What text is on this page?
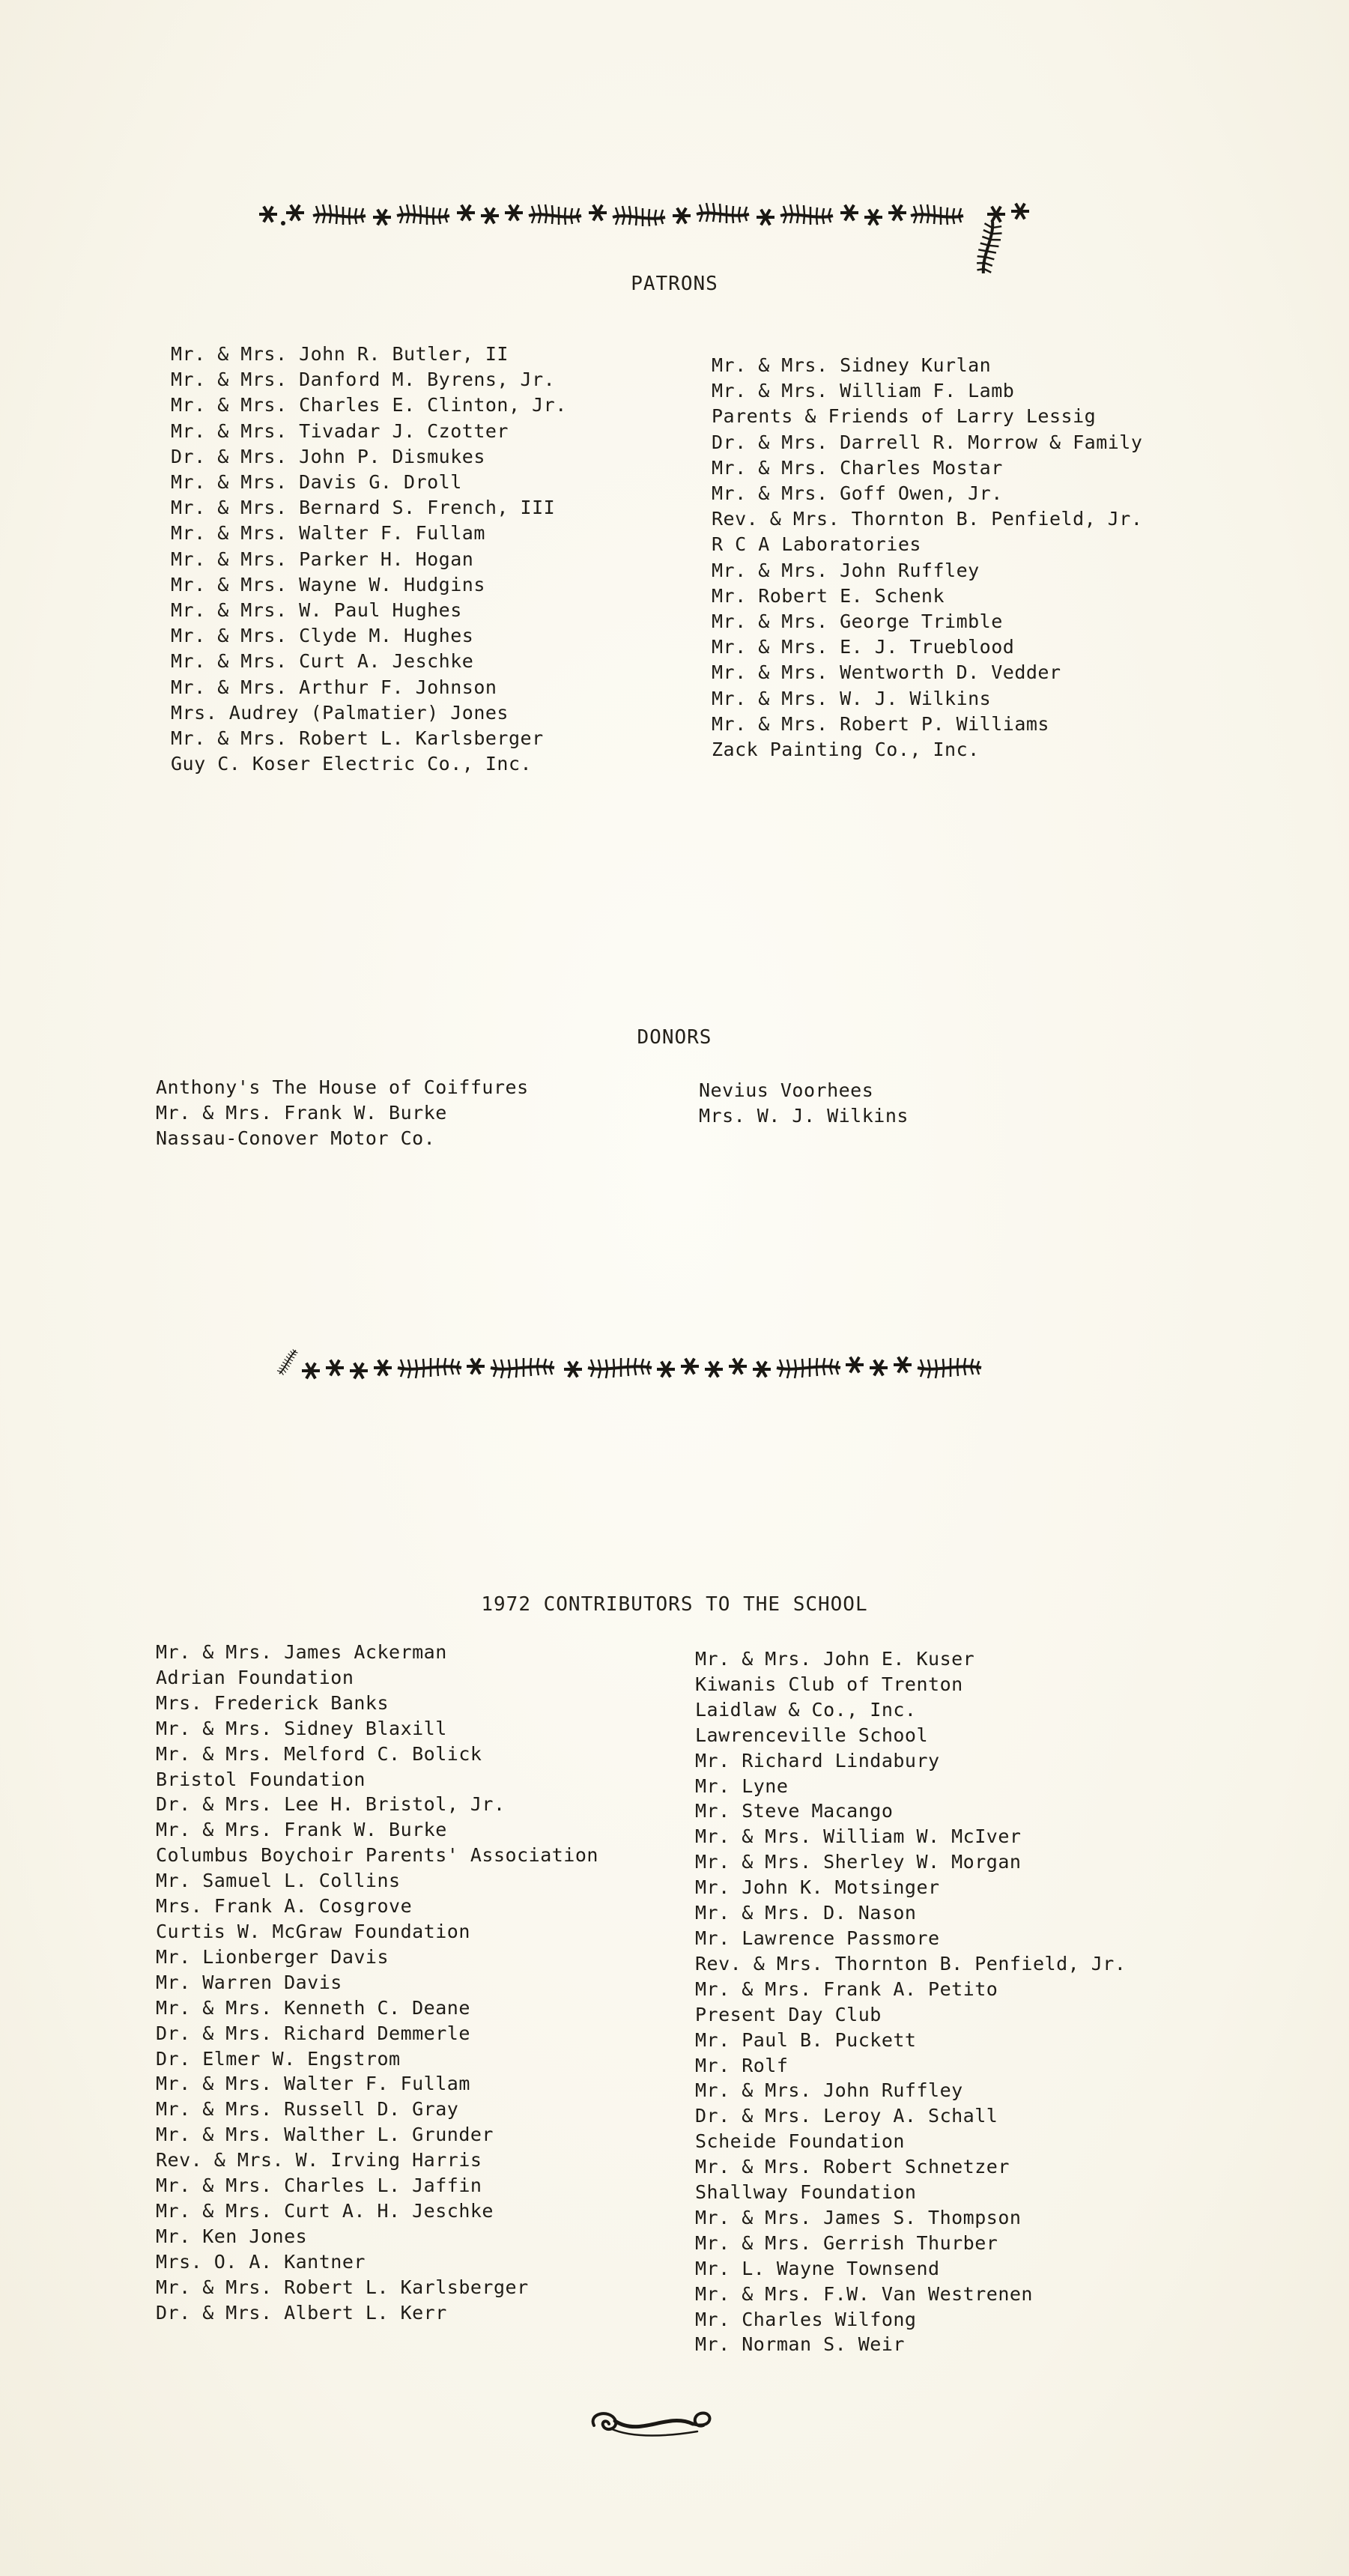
PATRONS
Mr. & Mrs. John R. Butler, II
Mr. & Mrs. Danford M. Byrens, Jr.
Mr. & Mrs. Charles E. Clinton, Jr.
Mr. & Mrs. Tivadar J. Czotter
Dr. & Mrs. John P. Dismukes
Mr. & Mrs. Davis G. Droll
Mr. & Mrs. Bernard S. French, III
Mr. & Mrs. Walter F. Fullam
Mr. & Mrs. Parker H. Hogan
Mr. & Mrs. Wayne W. Hudgins
Mr. & Mrs. W. Paul Hughes
Mr. & Mrs. Clyde M. Hughes
Mr. & Mrs. Curt A. Jeschke
Mr. & Mrs. Arthur F. Johnson
Mrs. Audrey (Palmatier) Jones
Mr. & Mrs. Robert L. Karlsberger
Guy C. Koser Electric Co., Inc.
Mr. & Mrs. Sidney Kurlan
Mr. & Mrs. William F. Lamb
Parents & Friends of Larry Lessig
Dr. & Mrs. Darrell R. Morrow & Family
Mr. & Mrs. Charles Mostar
Mr. & Mrs. Goff Owen, Jr.
Rev. & Mrs. Thornton B. Penfield, Jr.
R C A Laboratories
Mr. & Mrs. John Ruffley
Mr. Robert E. Schenk
Mr. & Mrs. George Trimble
Mr. & Mrs. E. J. Trueblood
Mr. & Mrs. Wentworth D. Vedder
Mr. & Mrs. W. J. Wilkins
Mr. & Mrs. Robert P. Williams
Zack Painting Co., Inc.
DONORS
Anthony's The House of Coiffures
Mr. & Mrs. Frank W. Burke
Nassau-Conover Motor Co.
Nevius Voorhees
Mrs. W. J. Wilkins
1972 CONTRIBUTORS TO THE SCHOOL
Mr. & Mrs. James Ackerman
Adrian Foundation
Mrs. Frederick Banks
Mr. & Mrs. Sidney Blaxill
Mr. & Mrs. Melford C. Bolick
Bristol Foundation
Dr. & Mrs. Lee H. Bristol, Jr.
Mr. & Mrs. Frank W. Burke
Columbus Boychoir Parents' Association
Mr. Samuel L. Collins
Mrs. Frank A. Cosgrove
Curtis W. McGraw Foundation
Mr. Lionberger Davis
Mr. Warren Davis
Mr. & Mrs. Kenneth C. Deane
Dr. & Mrs. Richard Demmerle
Dr. Elmer W. Engstrom
Mr. & Mrs. Walter F. Fullam
Mr. & Mrs. Russell D. Gray
Mr. & Mrs. Walther L. Grunder
Rev. & Mrs. W. Irving Harris
Mr. & Mrs. Charles L. Jaffin
Mr. & Mrs. Curt A. H. Jeschke
Mr. Ken Jones
Mrs. O. A. Kantner
Mr. & Mrs. Robert L. Karlsberger
Dr. & Mrs. Albert L. Kerr
Mr. & Mrs. John E. Kuser
Kiwanis Club of Trenton
Laidlaw & Co., Inc.
Lawrenceville School
Mr. Richard Lindabury
Mr. Lyne
Mr. Steve Macango
Mr. & Mrs. William W. McIver
Mr. & Mrs. Sherley W. Morgan
Mr. John K. Motsinger
Mr. & Mrs. D. Nason
Mr. Lawrence Passmore
Rev. & Mrs. Thornton B. Penfield, Jr.
Mr. & Mrs. Frank A. Petito
Present Day Club
Mr. Paul B. Puckett
Mr. Rolf
Mr. & Mrs. John Ruffley
Dr. & Mrs. Leroy A. Schall
Scheide Foundation
Mr. & Mrs. Robert Schnetzer
Shallway Foundation
Mr. & Mrs. James S. Thompson
Mr. & Mrs. Gerrish Thurber
Mr. L. Wayne Townsend
Mr. & Mrs. F.W. Van Westrenen
Mr. Charles Wilfong
Mr. Norman S. Weir
